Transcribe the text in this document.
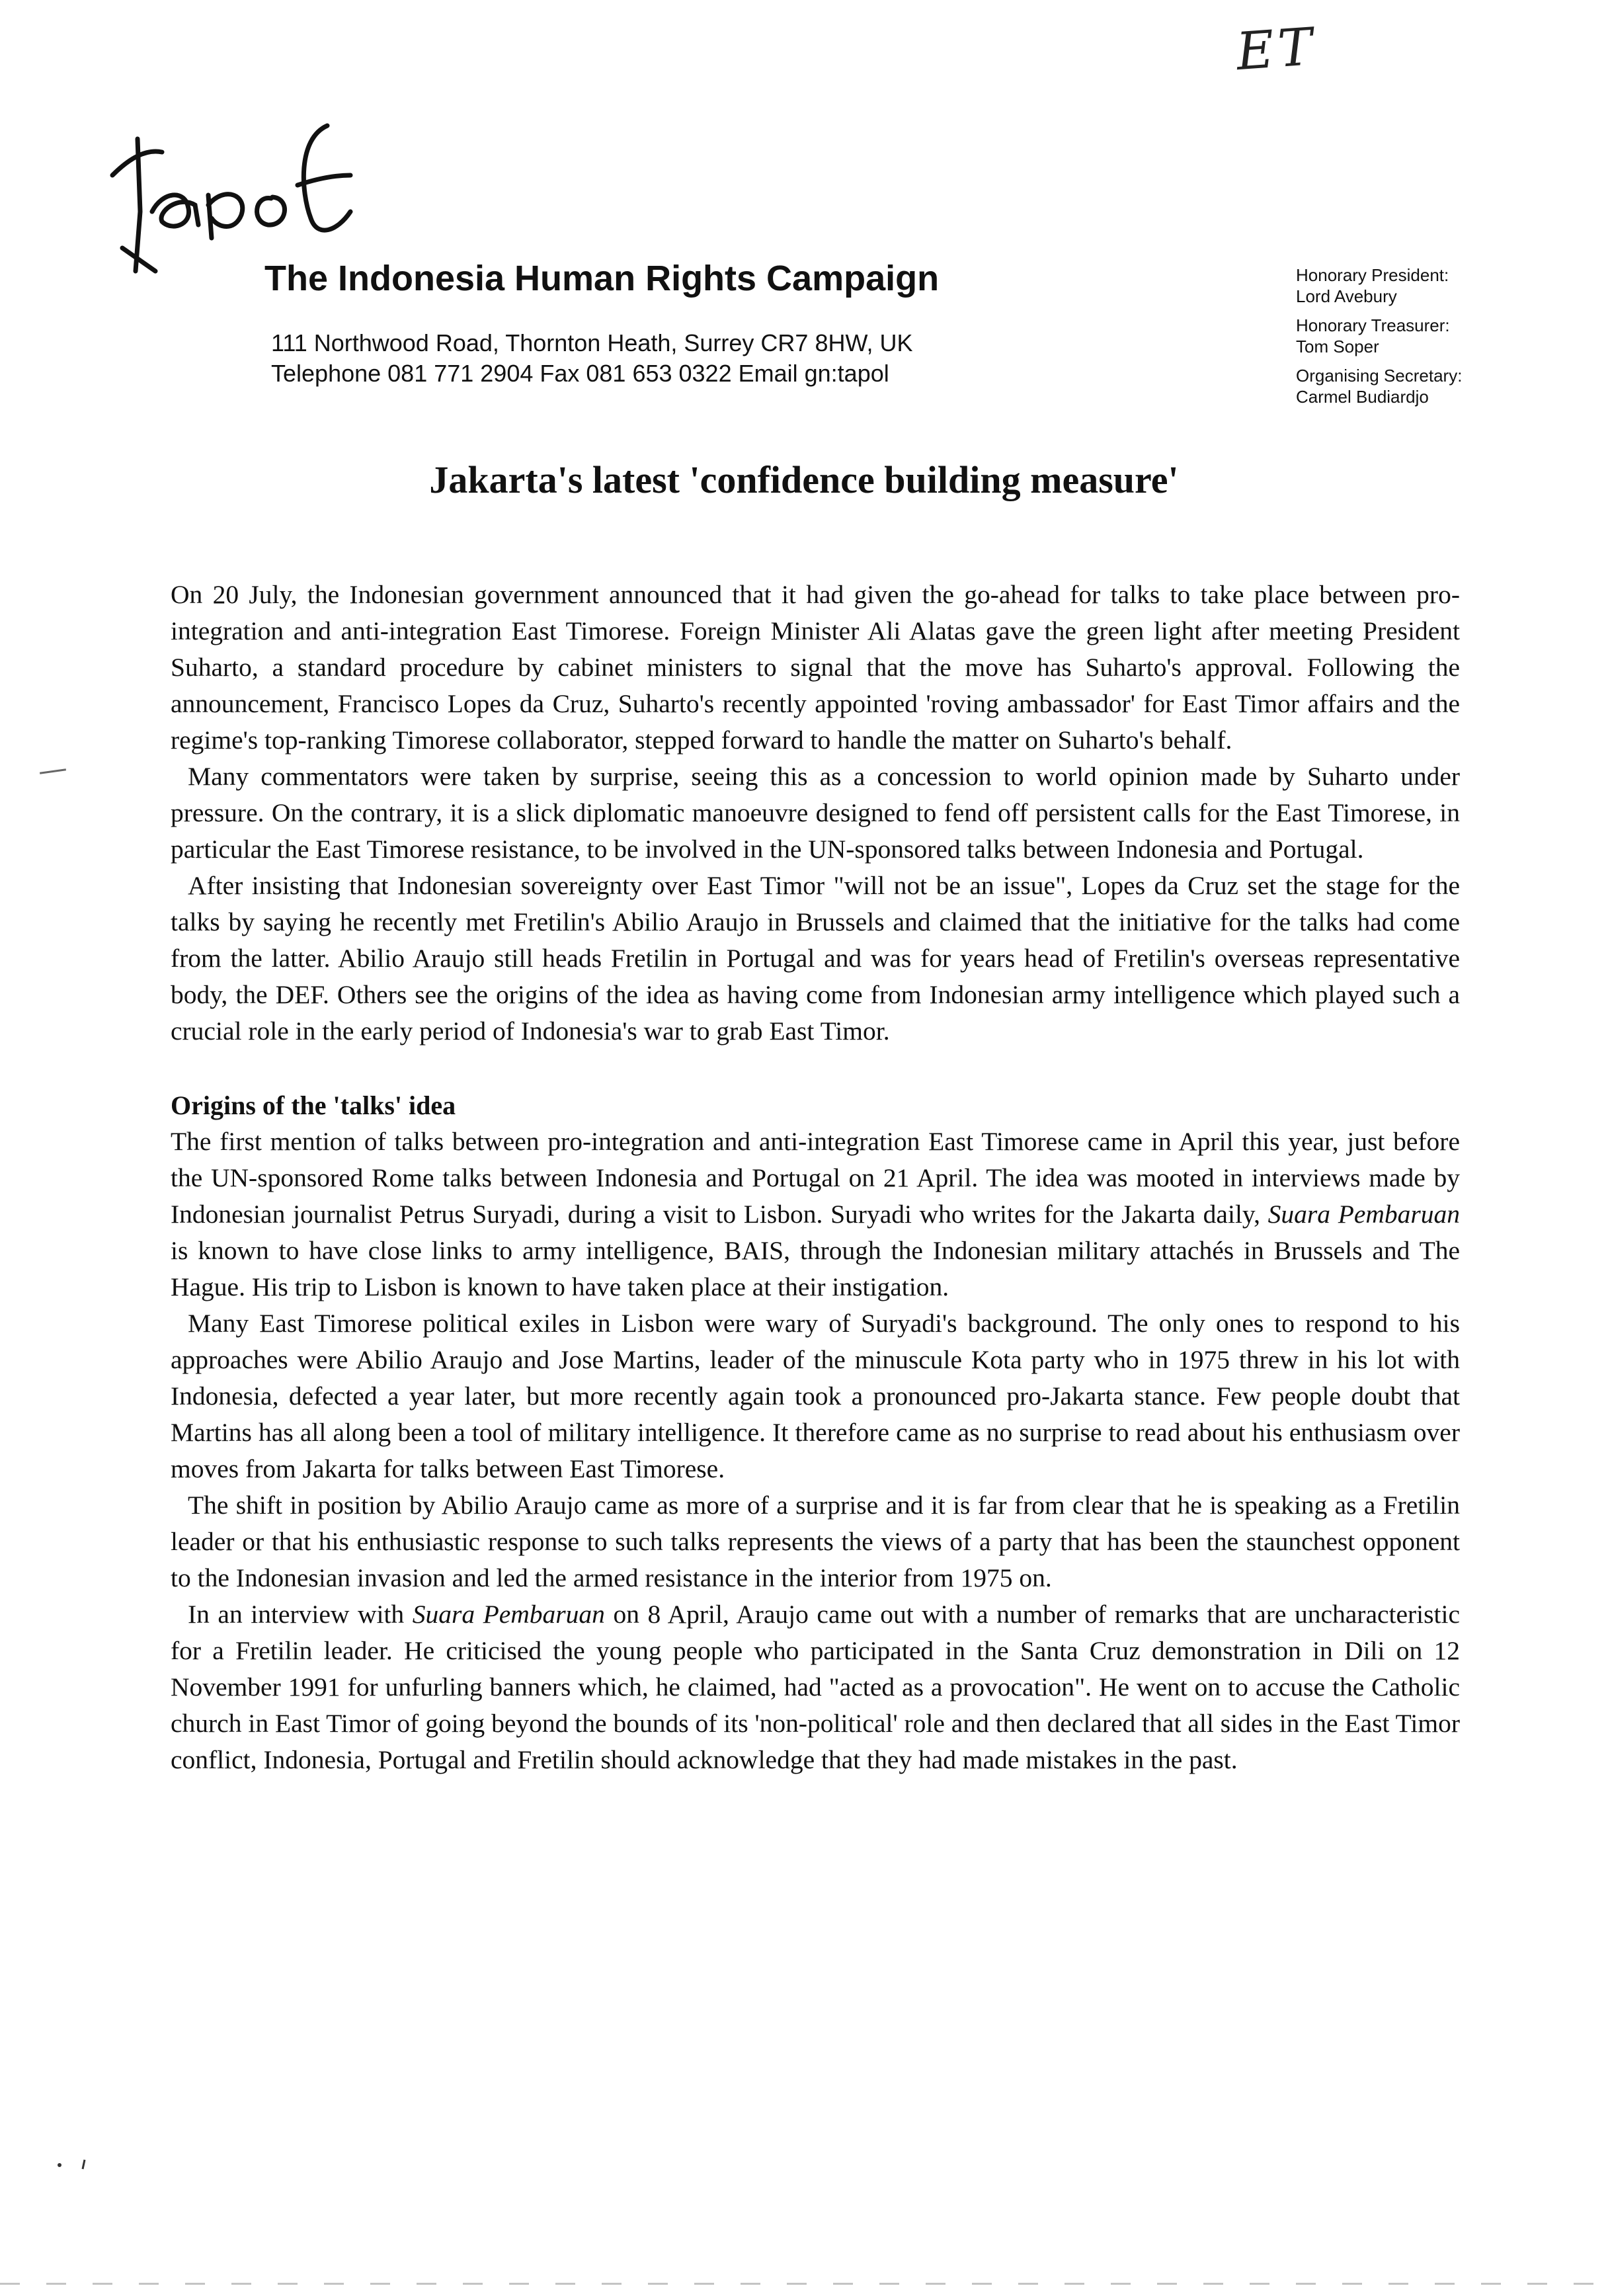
ET
The Indonesia Human Rights Campaign
111 Northwood Road, Thornton Heath, Surrey CR7 8HW, UK
Telephone 081 771 2904 Fax 081 653 0322 Email gn:tapol
Honorary President:
Lord Avebury
Honorary Treasurer:
Tom Soper
Organising Secretary:
Carmel Budiardjo
Jakarta's latest 'confidence building measure'

On 20 July, the Indonesian government announced that it had given the go-ahead for talks to take place between pro-integration and anti-integration East Timorese. Foreign Minister Ali Alatas gave the green light after meeting President Suharto, a standard procedure by cabinet ministers to signal that the move has Suharto's approval. Following the announcement, Francisco Lopes da Cruz, Suharto's recently appointed 'roving ambassador' for East Timor affairs and the regime's top-ranking Timorese collaborator, stepped forward to handle the matter on Suharto's behalf.

Many commentators were taken by surprise, seeing this as a concession to world opinion made by Suharto under pressure. On the contrary, it is a slick diplomatic manoeuvre designed to fend off persistent calls for the East Timorese, in particular the East Timorese resistance, to be involved in the UN-sponsored talks between Indonesia and Portugal.

After insisting that Indonesian sovereignty over East Timor "will not be an issue", Lopes da Cruz set the stage for the talks by saying he recently met Fretilin's Abilio Araujo in Brussels and claimed that the initiative for the talks had come from the latter. Abilio Araujo still heads Fretilin in Portugal and was for years head of Fretilin's overseas representative body, the DEF. Others see the origins of the idea as having come from Indonesian army intelligence which played such a crucial role in the early period of Indonesia's war to grab East Timor.

Origins of the 'talks' idea

The first mention of talks between pro-integration and anti-integration East Timorese came in April this year, just before the UN-sponsored Rome talks between Indonesia and Portugal on 21 April. The idea was mooted in interviews made by Indonesian journalist Petrus Suryadi, during a visit to Lisbon. Suryadi who writes for the Jakarta daily, Suara Pembaruan is known to have close links to army intelligence, BAIS, through the Indonesian military attachés in Brussels and The Hague. His trip to Lisbon is known to have taken place at their instigation.

Many East Timorese political exiles in Lisbon were wary of Suryadi's background. The only ones to respond to his approaches were Abilio Araujo and Jose Martins, leader of the minuscule Kota party who in 1975 threw in his lot with Indonesia, defected a year later, but more recently again took a pronounced pro-Jakarta stance. Few people doubt that Martins has all along been a tool of military intelligence. It therefore came as no surprise to read about his enthusiasm over moves from Jakarta for talks between East Timorese.

The shift in position by Abilio Araujo came as more of a surprise and it is far from clear that he is speaking as a Fretilin leader or that his enthusiastic response to such talks represents the views of a party that has been the staunchest opponent to the Indonesian invasion and led the armed resistance in the interior from 1975 on.

In an interview with Suara Pembaruan on 8 April, Araujo came out with a number of remarks that are uncharacteristic for a Fretilin leader. He criticised the young people who participated in the Santa Cruz demonstration in Dili on 12 November 1991 for unfurling banners which, he claimed, had "acted as a provocation". He went on to accuse the Catholic church in East Timor of going beyond the bounds of its 'non-political' role and then declared that all sides in the East Timor conflict, Indonesia, Portugal and Fretilin should acknowledge that they had made mistakes in the past.
